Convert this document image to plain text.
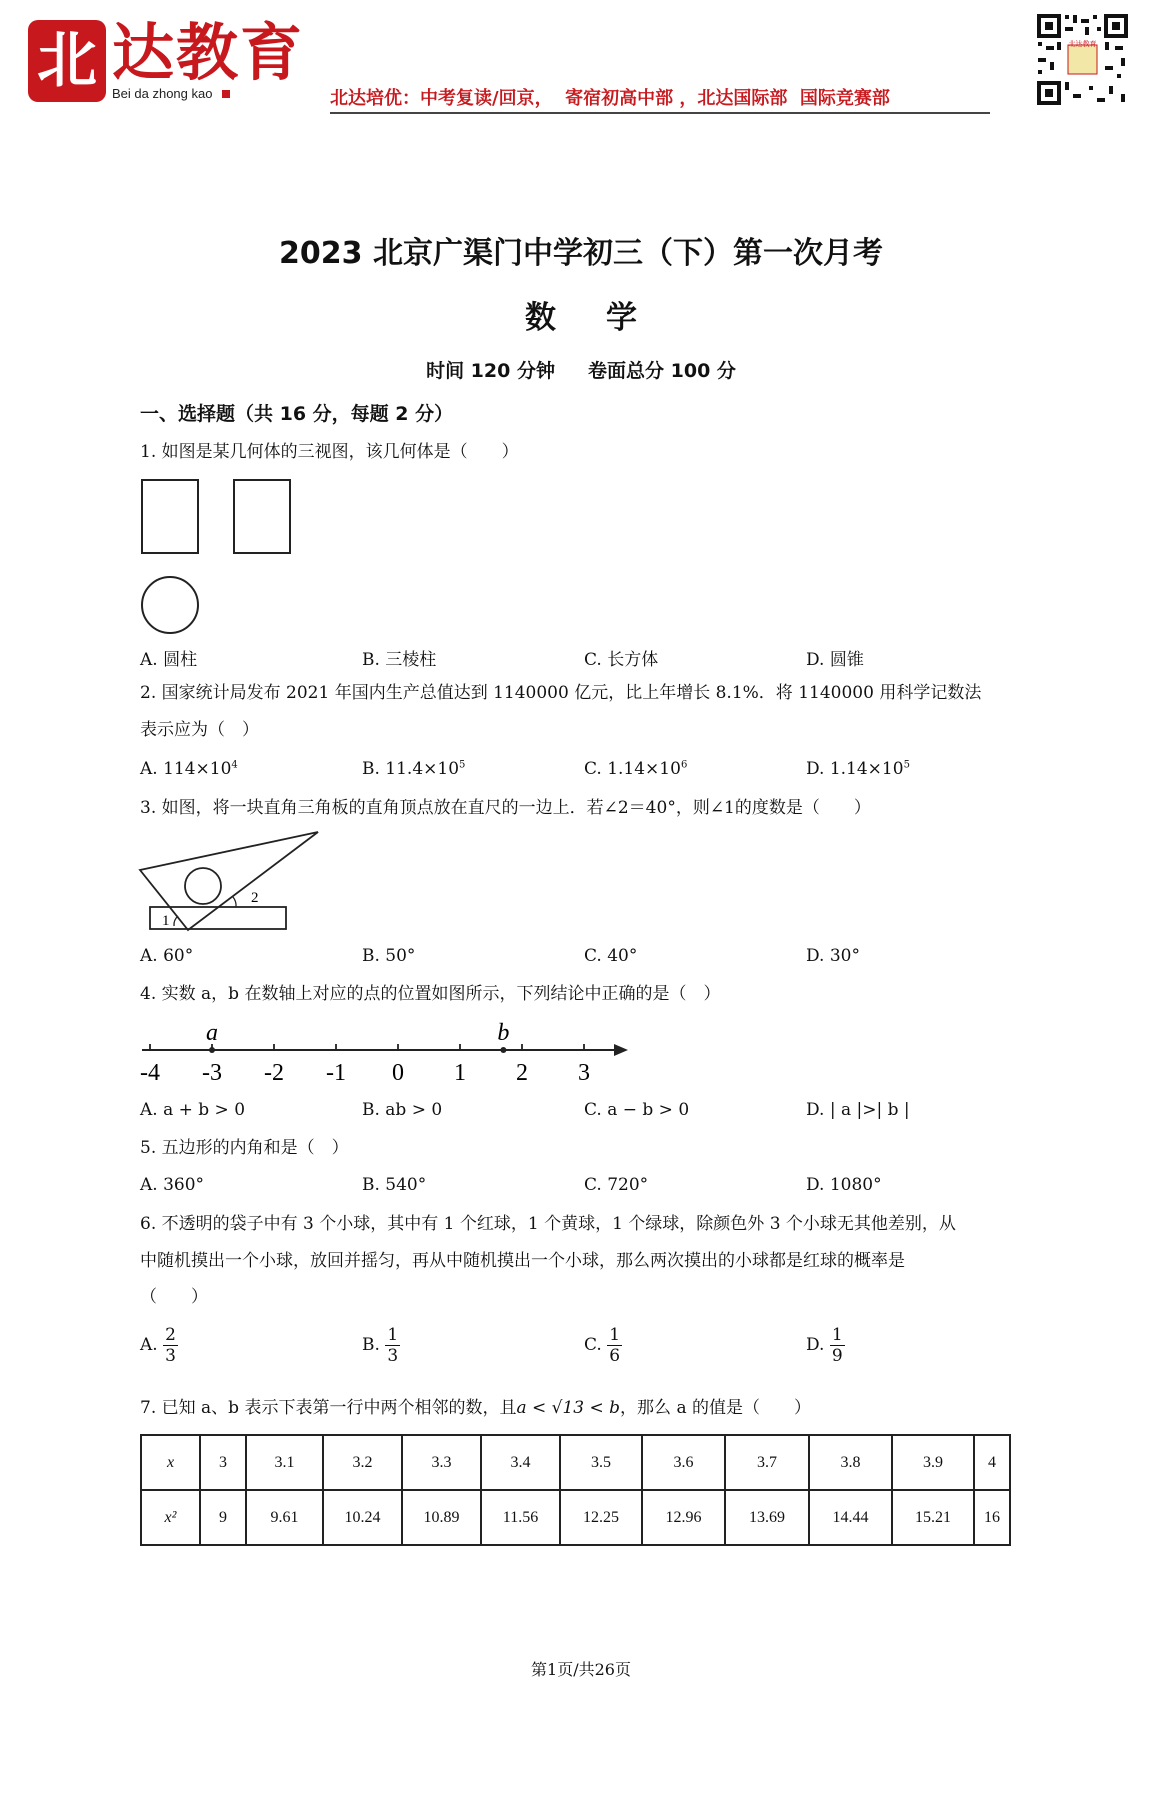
北 达教育
Bei da zhong kao	北达培优：中考复读/回京，  寄宿初高中部 ，北达国际部  国际竞赛部
北达教育
2023 北京广渠门中学初三（下）第一次月考
数学
时间 120 分钟     卷面总分 100 分
一、选择题（共 16 分，每题 2 分）
1. 如图是某几何体的三视图，该几何体是（　　）
A. 圆柱	B. 三棱柱	C. 长方体	D. 圆锥
2. 国家统计局发布 2021 年国内生产总值达到 1140000 亿元，比上年增长 8.1%．将 1140000 用科学记数法
表示应为（　）
A. $114\times 10^4$	B. $11.4\times 10^5$	C. $1.14\times 10^6$	D. $1.14\times 10^5$
3. 如图，将一块直角三角板的直角顶点放在直尺的一边上．若∠2＝40°，则∠1的度数是（　　）
2
1
A. 60°	B. 50°	C. 40°	D. 30°
4. 实数 a，b 在数轴上对应的点的位置如图所示，下列结论中正确的是（　）
-4 -3 -2 -1 0 1 2 3
a	b
A. a + b > 0	B. ab > 0	C. a − b > 0	D. | a |>| b |
5. 五边形的内角和是（　）
A. 360°	B. 540°	C. 720°	D. 1080°
6. 不透明的袋子中有 3 个小球，其中有 1 个红球，1 个黄球，1 个绿球，除颜色外 3 个小球无其他差别，从
中随机摸出一个小球，放回并摇匀，再从中随机摸出一个小球，那么两次摸出的小球都是红球的概率是
（　　）
A. $\frac{2}{3}$	B. $\frac{1}{3}$	C. $\frac{1}{6}$	D. $\frac{1}{9}$
7. 已知 a、b 表示下表第一行中两个相邻的数，且a < √13 < b，那么 a 的值是（　　）
x	3	3.1	3.2	3.3	3.4	3.5	3.6	3.7	3.8	3.9	4
x²	9	9.61	10.24	10.89	11.56	12.25	12.96	13.69	14.44	15.21	16
第1页/共26页
